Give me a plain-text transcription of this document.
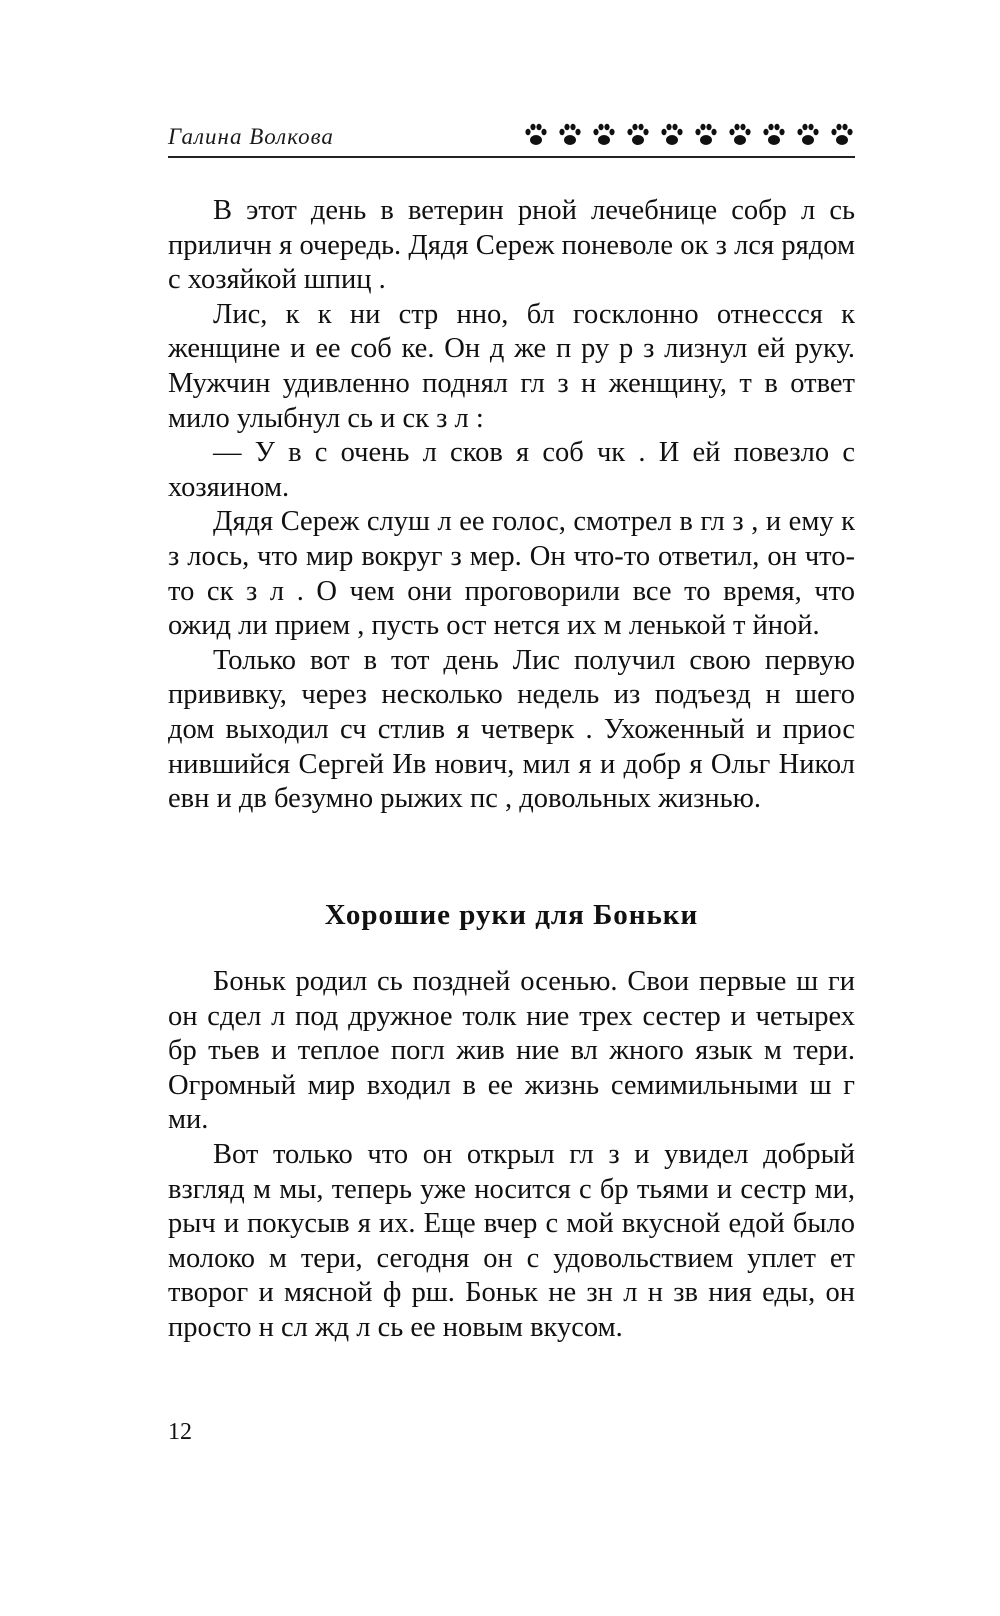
Галина Волкова

В этот день в ветерин рной лечебнице собр л сь приличн я очередь. Дядя Сереж поневоле ок з лся рядом с хозяйкой шпиц .

Лис, к к ни стр нно, бл госклонно отнессся к женщине и ее соб ке. Он д же п ру р з лизнул ей руку. Мужчин удивленно поднял гл з н женщину, т в ответ мило улыбнул сь и ск з л :

— У в с очень л сков я соб чк . И ей повезло с хозяином.

Дядя Сереж слуш л ее голос, смотрел в гл з , и ему к з лось, что мир вокруг з мер. Он что-то ответил, он что-то ск з л . О чем они проговорили все то время, что ожид ли прием , пусть ост нется их м ленькой т йной.

Только вот в тот день Лис получил свою первую прививку, через несколько недель из подъезд н шего дом выходил сч стлив я четверк . Ухоженный и приос нившийся Сергей Ив нович, мил я и добр я Ольг Никол евн и дв безумно рыжих пс , довольных жизнью.

Хорошие руки для Боньки

Боньк родил сь поздней осенью. Свои первые ш ги он сдел л под дружное толк ние трех сестер и четырех бр тьев и теплое погл жив ние вл жного язык м тери. Огромный мир входил в ее жизнь семимильными ш г ми.

Вот только что он открыл гл з и увидел добрый взгляд м мы, теперь уже носится с бр тьями и сестр ми, рыч и покусыв я их. Еще вчер с мой вкусной едой было молоко м тери, сегодня он с удовольствием уплет ет творог и мясной ф рш. Боньк не зн л н зв ния еды, он просто н сл жд л сь ее новым вкусом.

12
